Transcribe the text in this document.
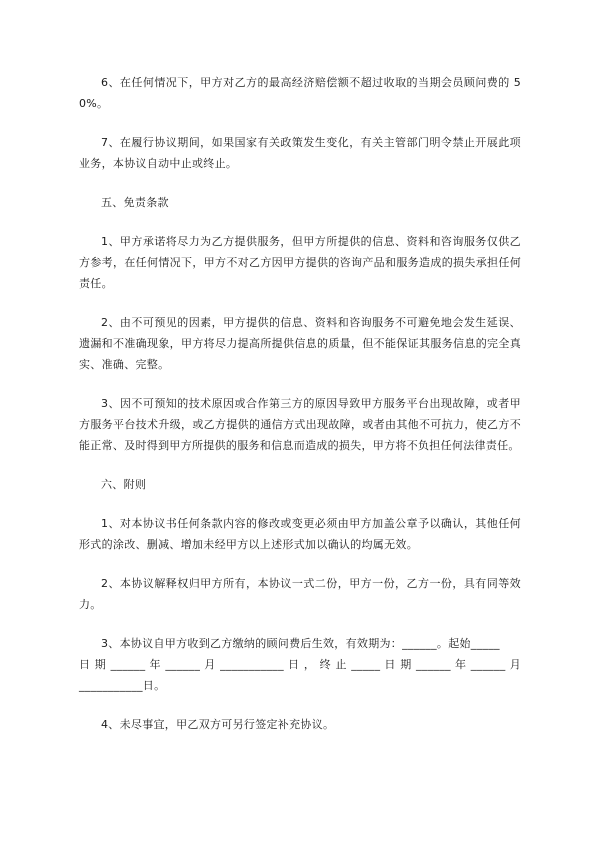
6、在任何情况下，甲方对乙方的最高经济赔偿额不超过收取的当期会员顾问费的 50%。

7、在履行协议期间，如果国家有关政策发生变化，有关主管部门明令禁止开展此项业务，本协议自动中止或终止。

五、免责条款

1、甲方承诺将尽力为乙方提供服务，但甲方所提供的信息、资料和咨询服务仅供乙方参考，在任何情况下，甲方不对乙方因甲方提供的咨询产品和服务造成的损失承担任何责任。

2、由不可预见的因素，甲方提供的信息、资料和咨询服务不可避免地会发生延误、遗漏和不准确现象，甲方将尽力提高所提供信息的质量，但不能保证其服务信息的完全真实、准确、完整。

3、因不可预知的技术原因或合作第三方的原因导致甲方服务平台出现故障，或者甲方服务平台技术升级，或乙方提供的通信方式出现故障，或者由其他不可抗力，使乙方不能正常、及时得到甲方所提供的服务和信息而造成的损失，甲方将不负担任何法律责任。

六、附则

1、对本协议书任何条款内容的修改或变更必须由甲方加盖公章予以确认，其他任何形式的涂改、删减、增加未经甲方以上述形式加以确认的均属无效。

2、本协议解释权归甲方所有，本协议一式二份，甲方一份，乙方一份，具有同等效力。

3、本协议自甲方收到乙方缴纳的顾问费后生效，有效期为：______。起始_____
日 期 ______ 年 ______ 月 ___________ 日 ， 终 止 _____ 日 期 ______ 年 ______ 月
___________日。

4、未尽事宜，甲乙双方可另行签定补充协议。
